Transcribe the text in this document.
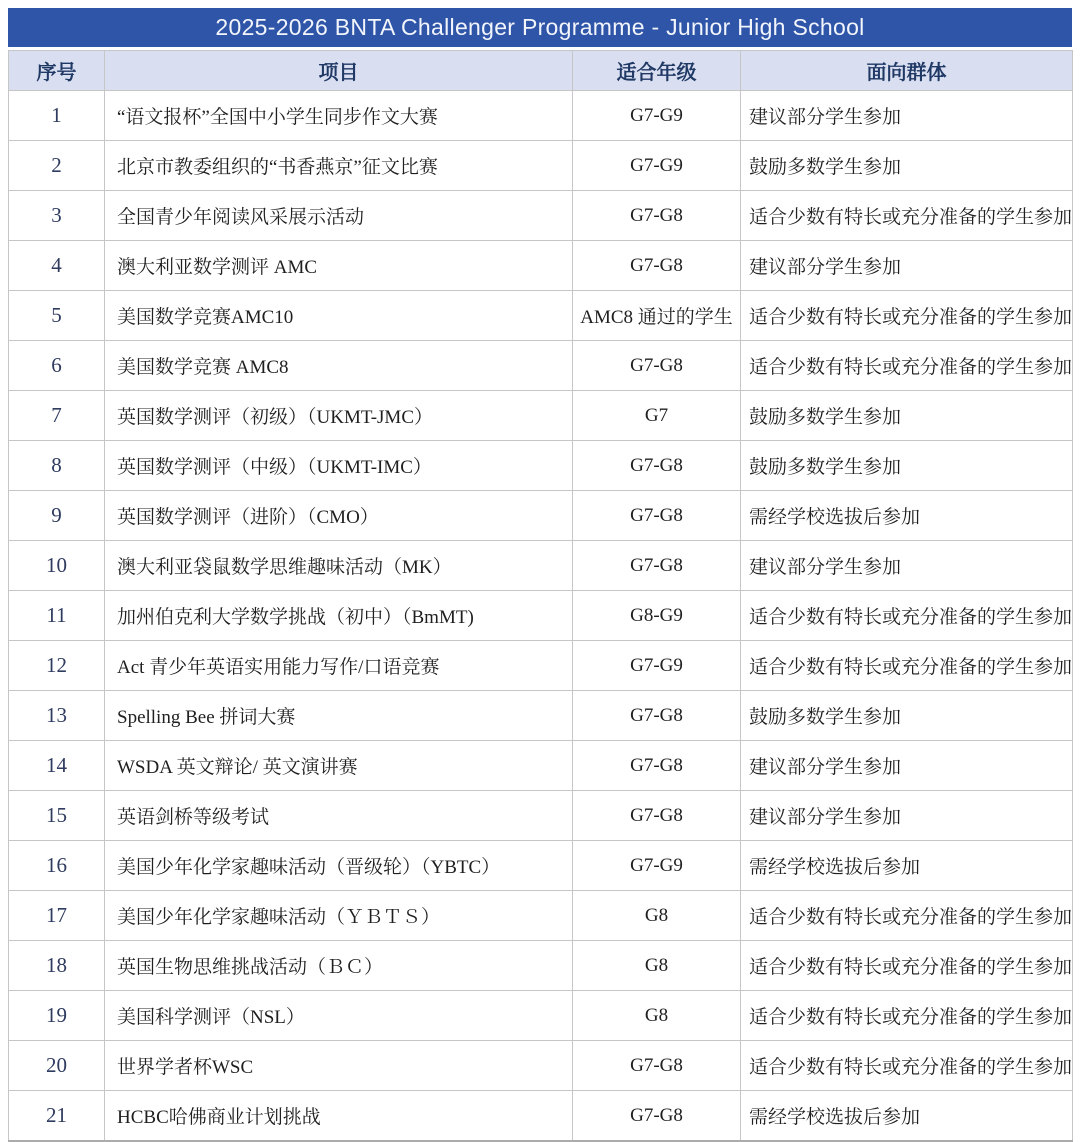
2025-2026 BNTA Challenger Programme - Junior High School
序号	项目	适合年级	面向群体
1	“语文报杯”全国中小学生同步作文大赛	G7-G9	建议部分学生参加
2	北京市教委组织的“书香燕京”征文比赛	G7-G9	鼓励多数学生参加
3	全国青少年阅读风采展示活动	G7-G8	适合少数有特长或充分准备的学生参加
4	澳大利亚数学测评 AMC	G7-G8	建议部分学生参加
5	美国数学竞赛AMC10	AMC8 通过的学生	适合少数有特长或充分准备的学生参加
6	美国数学竞赛 AMC8	G7-G8	适合少数有特长或充分准备的学生参加
7	英国数学测评（初级）（UKMT-JMC）	G7	鼓励多数学生参加
8	英国数学测评（中级）（UKMT-IMC）	G7-G8	鼓励多数学生参加
9	英国数学测评（进阶）（CMO）	G7-G8	需经学校选拔后参加
10	澳大利亚袋鼠数学思维趣味活动（MK）	G7-G8	建议部分学生参加
11	加州伯克利大学数学挑战（初中）（BmMT)	G8-G9	适合少数有特长或充分准备的学生参加
12	Act 青少年英语实用能力写作/口语竞赛	G7-G9	适合少数有特长或充分准备的学生参加
13	Spelling Bee 拼词大赛	G7-G8	鼓励多数学生参加
14	WSDA 英文辩论/ 英文演讲赛	G7-G8	建议部分学生参加
15	英语剑桥等级考试	G7-G8	建议部分学生参加
16	美国少年化学家趣味活动（晋级轮）（YBTC）	G7-G9	需经学校选拔后参加
17	美国少年化学家趣味活动（ＹＢＴＳ）	G8	适合少数有特长或充分准备的学生参加
18	英国生物思维挑战活动（ＢＣ）	G8	适合少数有特长或充分准备的学生参加
19	美国科学测评（NSL）	G8	适合少数有特长或充分准备的学生参加
20	世界学者杯WSC	G7-G8	适合少数有特长或充分准备的学生参加
21	HCBC哈佛商业计划挑战	G7-G8	需经学校选拔后参加
